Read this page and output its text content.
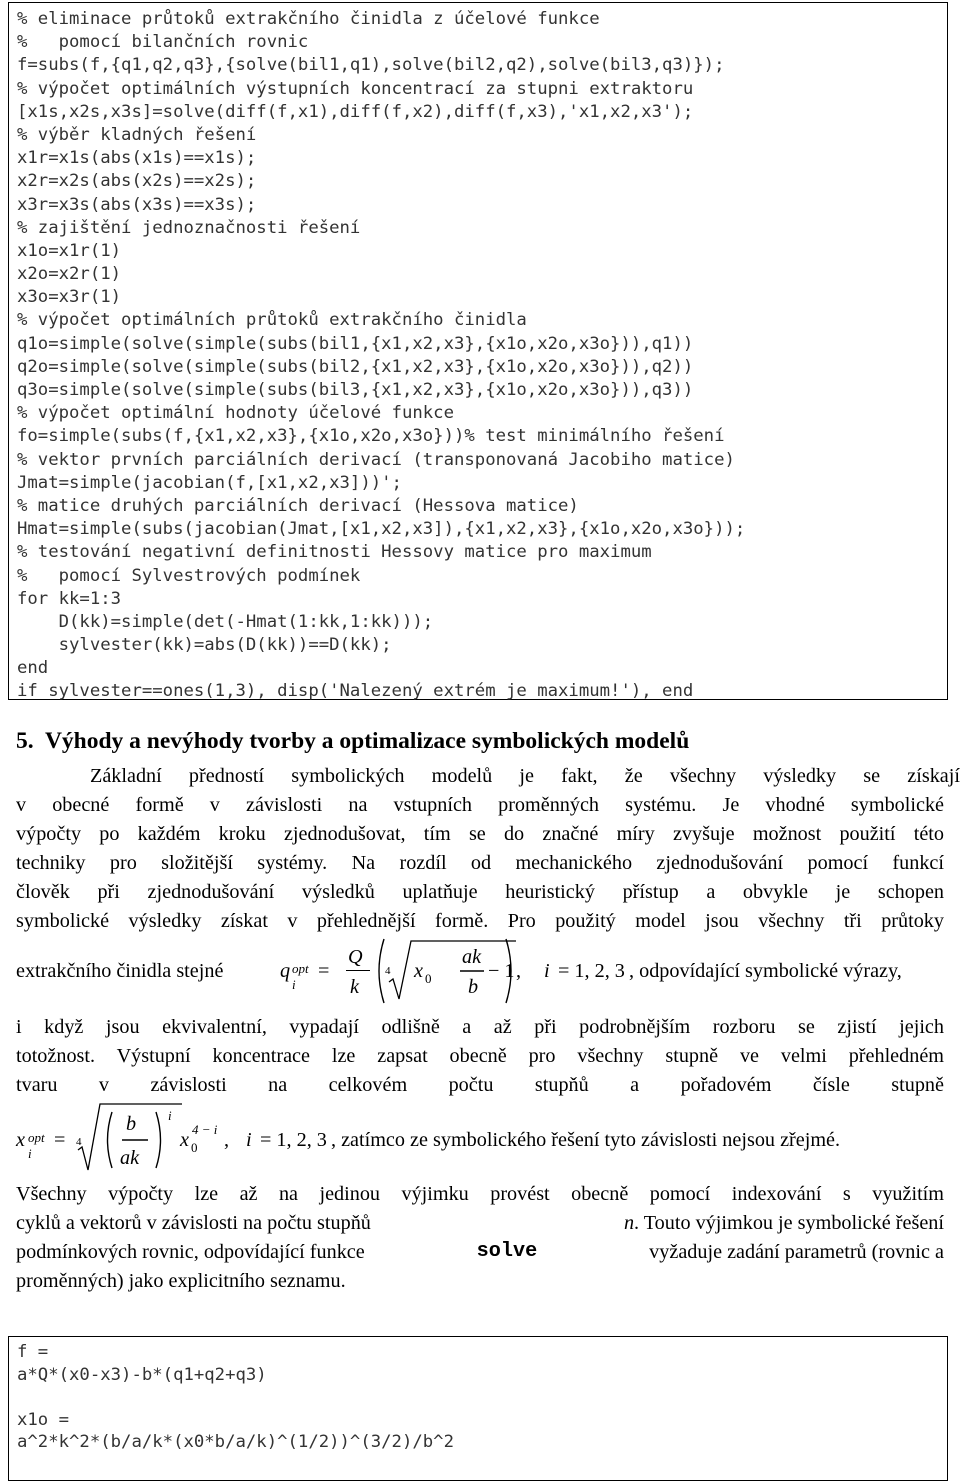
% eliminace průtoků extrakčního činidla z účelové funkce
%   pomocí bilančních rovnic
f=subs(f,{q1,q2,q3},{solve(bil1,q1),solve(bil2,q2),solve(bil3,q3)});
% výpočet optimálních výstupních koncentrací za stupni extraktoru
[x1s,x2s,x3s]=solve(diff(f,x1),diff(f,x2),diff(f,x3),'x1,x2,x3');
% výběr kladných řešení
x1r=x1s(abs(x1s)==x1s);
x2r=x2s(abs(x2s)==x2s);
x3r=x3s(abs(x3s)==x3s);
% zajištění jednoznačnosti řešení
x1o=x1r(1)
x2o=x2r(1)
x3o=x3r(1)
% výpočet optimálních průtoků extrakčního činidla
q1o=simple(solve(simple(subs(bil1,{x1,x2,x3},{x1o,x2o,x3o})),q1))
q2o=simple(solve(simple(subs(bil2,{x1,x2,x3},{x1o,x2o,x3o})),q2))
q3o=simple(solve(simple(subs(bil3,{x1,x2,x3},{x1o,x2o,x3o})),q3))
% výpočet optimální hodnoty účelové funkce
fo=simple(subs(f,{x1,x2,x3},{x1o,x2o,x3o}))% test minimálního řešení
% vektor prvních parciálních derivací (transponovaná Jacobiho matice)
Jmat=simple(jacobian(f,[x1,x2,x3]))';
% matice druhých parciálních derivací (Hessova matice)
Hmat=simple(subs(jacobian(Jmat,[x1,x2,x3]),{x1,x2,x3},{x1o,x2o,x3o}));
% testování negativní definitnosti Hessovy matice pro maximum
%   pomocí Sylvestrových podmínek
for kk=1:3
D(kk)=simple(det(-Hmat(1:kk,1:kk)));
sylvester(kk)=abs(D(kk))==D(kk);
end
if sylvester==ones(1,3), disp('Nalezený extrém je maximum!'), end
5.  Výhody a nevýhody tvorby a optimalizace symbolických modelů
Základní předností symbolických modelů je fakt, že všechny výsledky se získají
v obecné formě v závislosti na vstupních proměnných systému. Je vhodné symbolické
výpočty po každém kroku zjednodušovat, tím se do značné míry zvyšuje možnost použití této
techniky pro složitější systémy. Na rozdíl od mechanického zjednodušování pomocí funkcí
člověk při zjednodušování výsledků uplatňuje heuristický přístup a obvykle je schopen
symbolické výsledky získat v přehlednější formě. Pro použitý model jsou všechny tři průtoky
extrakčního činidla stejné	q opt
i
=
Q
k
4 x 0
ak
b
− 1 , i = 1, 2, 3 , odpovídající symbolické výrazy,
i když jsou ekvivalentní, vypadají odlišně a až při podrobnějším rozboru se zjistí jejich
totožnost. Výstupní koncentrace lze zapsat obecně pro všechny stupně ve velmi přehledném
tvaru v závislosti na celkovém počtu stupňů a pořadovém čísle stupně
x opt
i
= 4
b
ak
i
x 0
4 − i , i = 1, 2, 3 , zatímco ze symbolického řešení tyto závislosti nejsou zřejmé.
Všechny výpočty lze až na jedinou výjimku provést obecně pomocí indexování s využitím
cyklů a vektorů v závislosti na počtu stupňů	n . Touto výjimkou je symbolické řešení
podmínkových rovnic, odpovídající funkce	solve	vyžaduje zadání parametrů (rovnic a
proměnných) jako explicitního seznamu.
f =
a*Q*(x0-x3)-b*(q1+q2+q3)
x1o =
a^2*k^2*(b/a/k*(x0*b/a/k)^(1/2))^(3/2)/b^2
